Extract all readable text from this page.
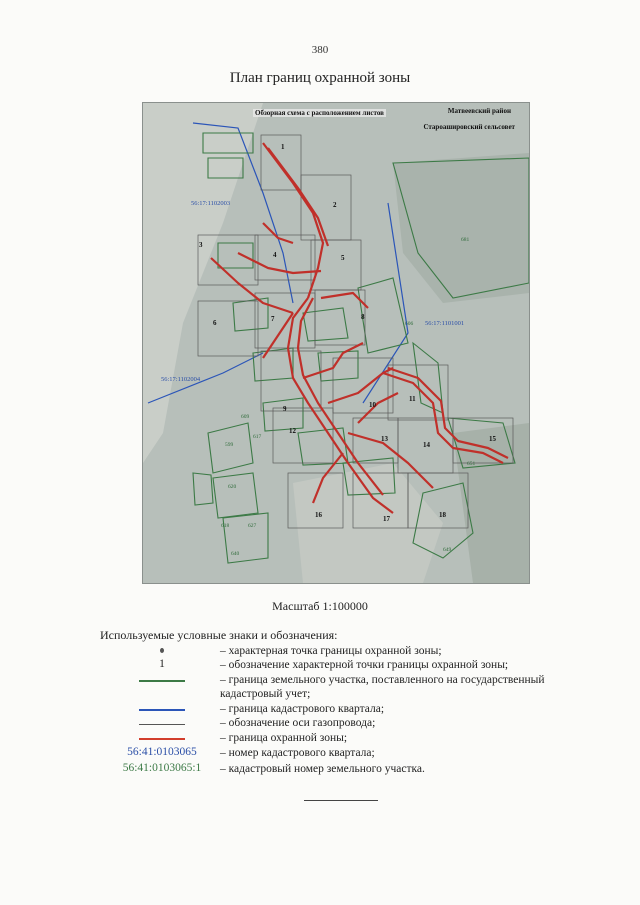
380
План границ охранной зоны
1
2
3
4	5
6	7	8
9	10
11
12
13
14
15
16	17	18
56:17:1102003
56:17:1101001
56:17:1102004
681
606
651
599
609
617
620
618	627
640
649
Обзорная схема с расположением листов	Матвеевский район
Староашировский сельсовет
Масштаб 1:100000
Используемые условные знаки и обозначения:
– характерная точка границы охранной зоны;
1	– обозначение характерной точки границы охранной зоны;
– граница земельного участка, поставленного на государственный кадастровый учет;
– граница кадастрового квартала;
– обозначение оси газопровода;
– граница охранной зоны;
56:41:0103065	– номер кадастрового квартала;
56:41:0103065:1	– кадастровый номер земельного участка.
